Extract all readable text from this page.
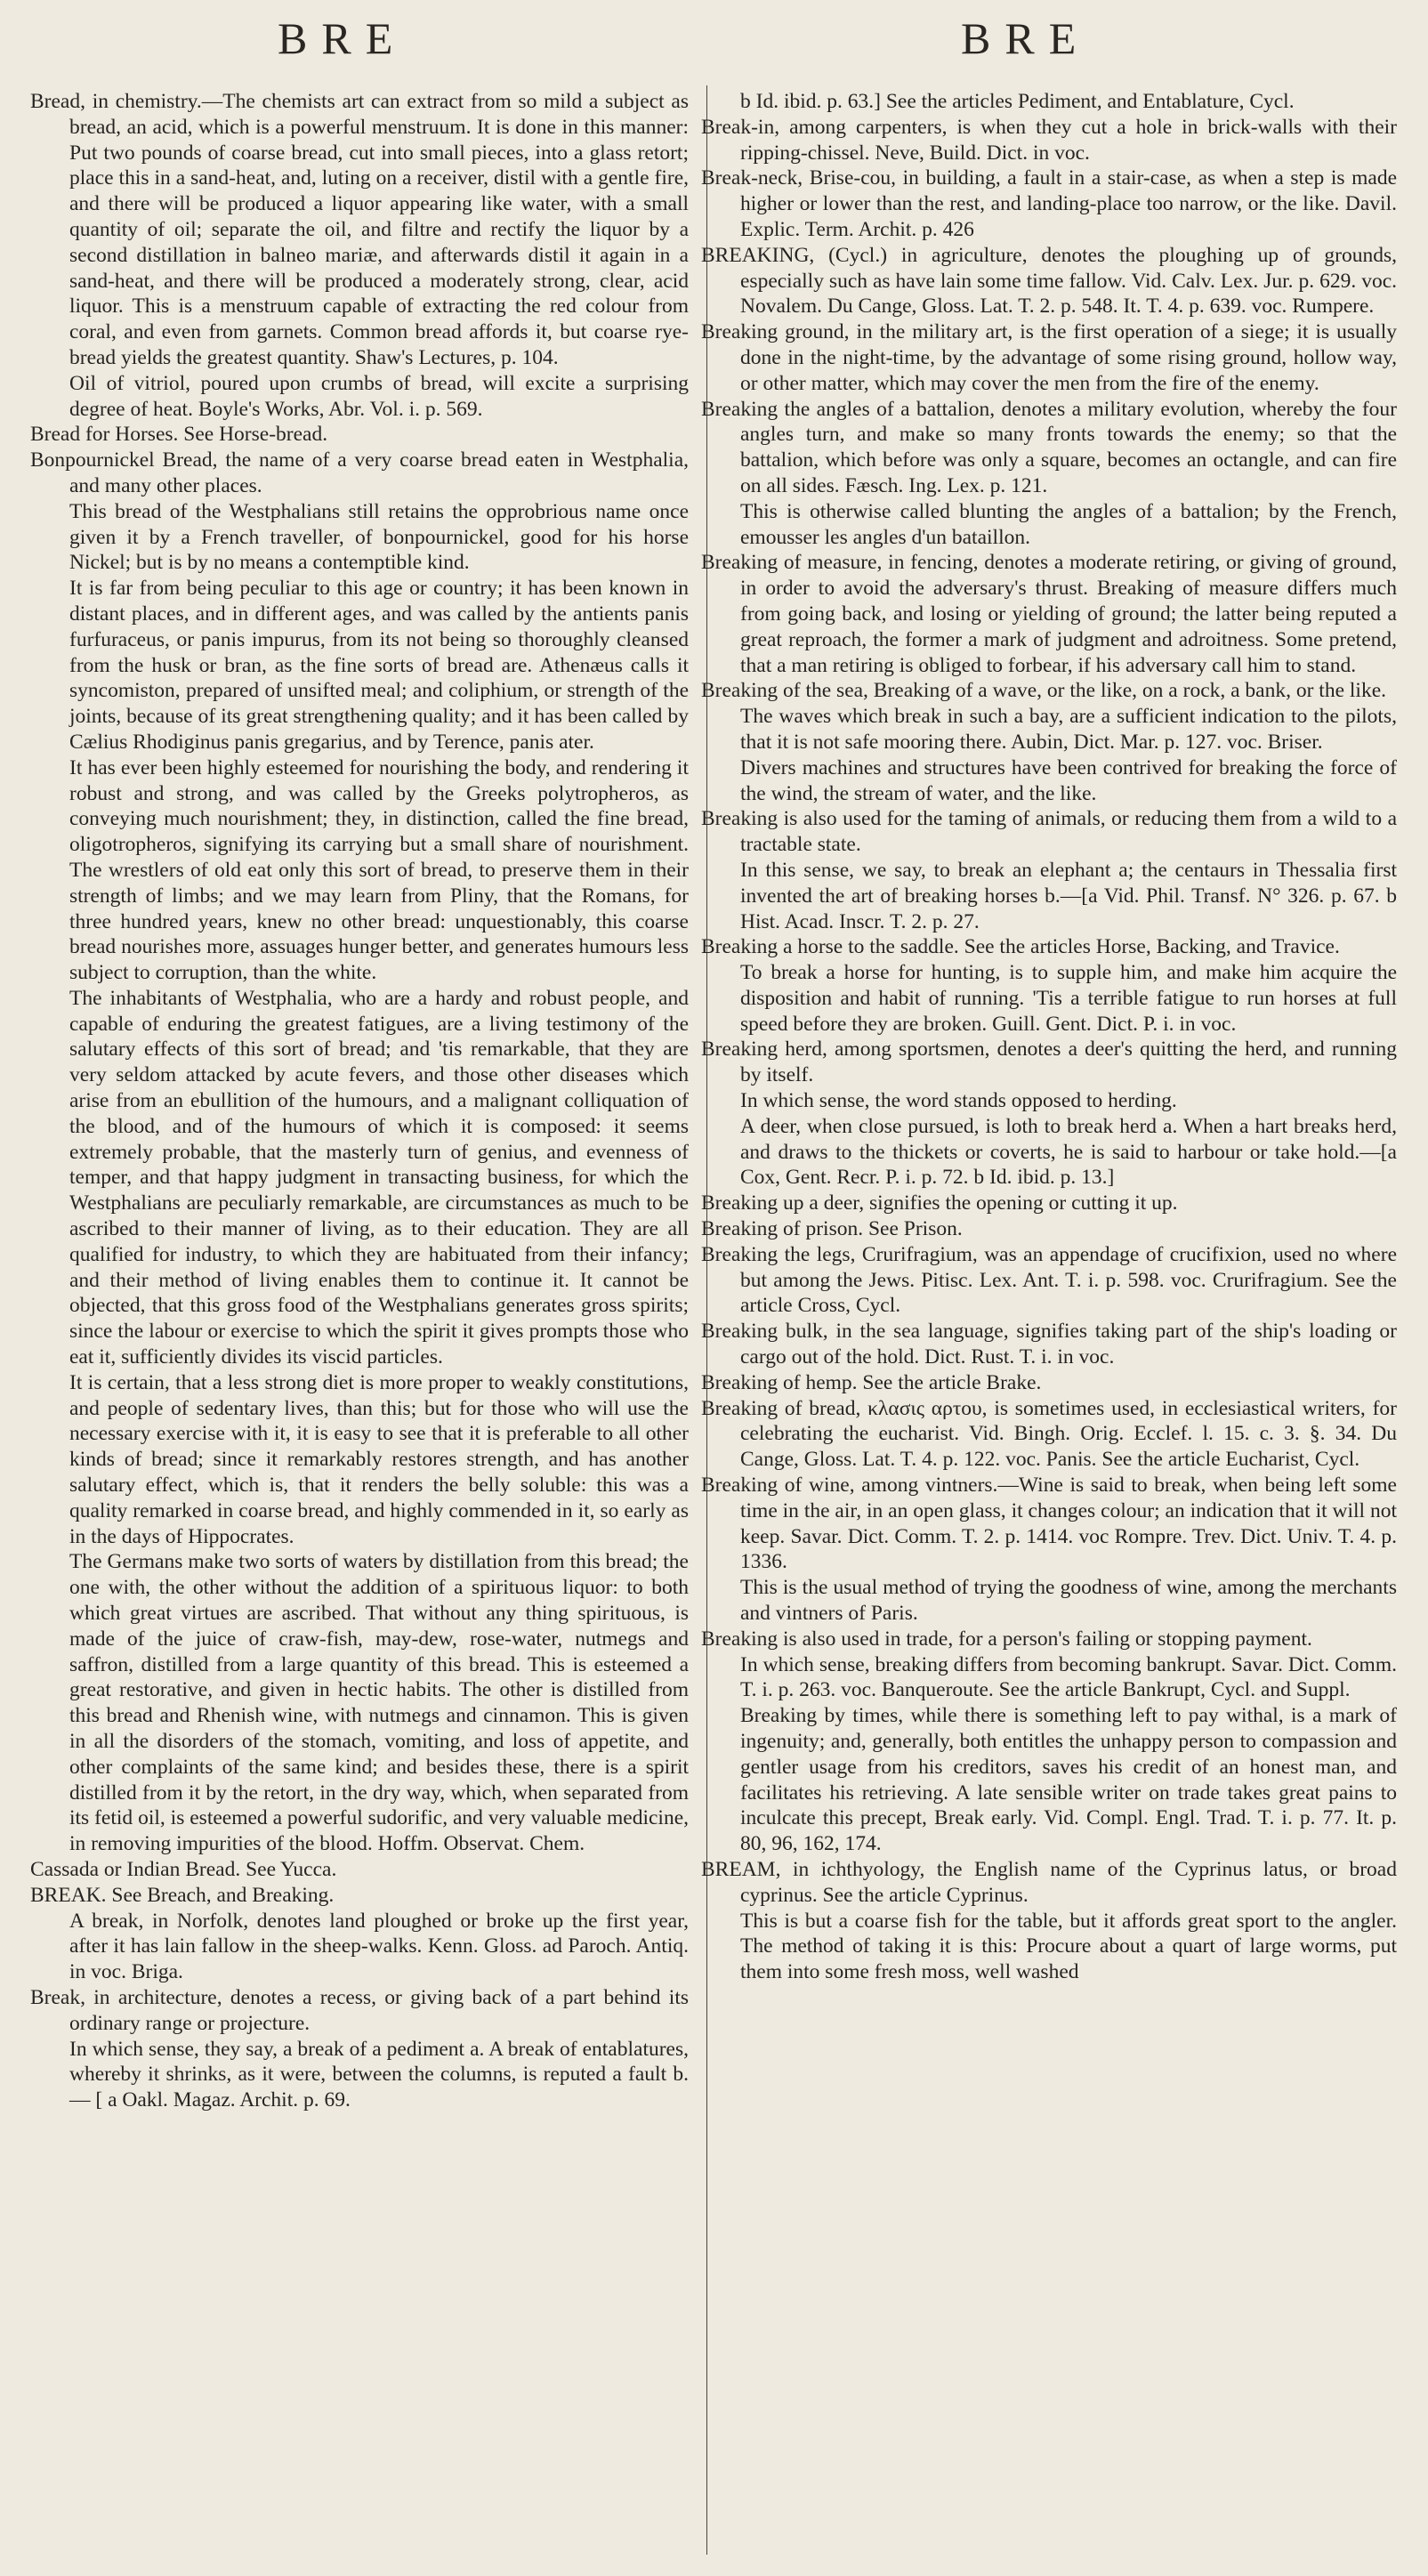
BRE	BRE

Bread, in chemistry.—The chemists art can extract from so mild a subject as bread, an acid, which is a powerful menstruum. It is done in this manner: Put two pounds of coarse bread, cut into small pieces, into a glass retort; place this in a sand-heat, and, luting on a receiver, distil with a gentle fire, and there will be produced a liquor appearing like water, with a small quantity of oil; separate the oil, and filtre and rectify the liquor by a second distillation in balneo mariæ, and afterwards distil it again in a sand-heat, and there will be produced a moderately strong, clear, acid liquor. This is a menstruum capable of extracting the red colour from coral, and even from garnets. Common bread affords it, but coarse rye-bread yields the greatest quantity. Shaw's Lectures, p. 104.

Oil of vitriol, poured upon crumbs of bread, will excite a surprising degree of heat. Boyle's Works, Abr. Vol. i. p. 569.

Bread for Horses. See Horse-bread.

Bonpournickel Bread, the name of a very coarse bread eaten in Westphalia, and many other places.

This bread of the Westphalians still retains the opprobrious name once given it by a French traveller, of bonpournickel, good for his horse Nickel; but is by no means a contemptible kind.

It is far from being peculiar to this age or country; it has been known in distant places, and in different ages, and was called by the antients panis furfuraceus, or panis impurus, from its not being so thoroughly cleansed from the husk or bran, as the fine sorts of bread are. Athenæus calls it syncomiston, prepared of unsifted meal; and coliphium, or strength of the joints, because of its great strengthening quality; and it has been called by Cælius Rhodiginus panis gregarius, and by Terence, panis ater.

It has ever been highly esteemed for nourishing the body, and rendering it robust and strong, and was called by the Greeks polytropheros, as conveying much nourishment; they, in distinction, called the fine bread, oligotropheros, signifying its carrying but a small share of nourishment. The wrestlers of old eat only this sort of bread, to preserve them in their strength of limbs; and we may learn from Pliny, that the Romans, for three hundred years, knew no other bread: unquestionably, this coarse bread nourishes more, assuages hunger better, and generates humours less subject to corruption, than the white.

The inhabitants of Westphalia, who are a hardy and robust people, and capable of enduring the greatest fatigues, are a living testimony of the salutary effects of this sort of bread; and 'tis remarkable, that they are very seldom attacked by acute fevers, and those other diseases which arise from an ebullition of the humours, and a malignant colliquation of the blood, and of the humours of which it is composed: it seems extremely probable, that the masterly turn of genius, and evenness of temper, and that happy judgment in transacting business, for which the Westphalians are peculiarly remarkable, are circumstances as much to be ascribed to their manner of living, as to their education. They are all qualified for industry, to which they are habituated from their infancy; and their method of living enables them to continue it. It cannot be objected, that this gross food of the Westphalians generates gross spirits; since the labour or exercise to which the spirit it gives prompts those who eat it, sufficiently divides its viscid particles.

It is certain, that a less strong diet is more proper to weakly constitutions, and people of sedentary lives, than this; but for those who will use the necessary exercise with it, it is easy to see that it is preferable to all other kinds of bread; since it remarkably restores strength, and has another salutary effect, which is, that it renders the belly soluble: this was a quality remarked in coarse bread, and highly commended in it, so early as in the days of Hippocrates.

The Germans make two sorts of waters by distillation from this bread; the one with, the other without the addition of a spirituous liquor: to both which great virtues are ascribed. That without any thing spirituous, is made of the juice of craw-fish, may-dew, rose-water, nutmegs and saffron, distilled from a large quantity of this bread. This is esteemed a great restorative, and given in hectic habits. The other is distilled from this bread and Rhenish wine, with nutmegs and cinnamon. This is given in all the disorders of the stomach, vomiting, and loss of appetite, and other complaints of the same kind; and besides these, there is a spirit distilled from it by the retort, in the dry way, which, when separated from its fetid oil, is esteemed a powerful sudorific, and very valuable medicine, in removing impurities of the blood. Hoffm. Observat. Chem.

Cassada or Indian Bread. See Yucca.

BREAK. See Breach, and Breaking.

A break, in Norfolk, denotes land ploughed or broke up the first year, after it has lain fallow in the sheep-walks. Kenn. Gloss. ad Paroch. Antiq. in voc. Briga.

Break, in architecture, denotes a recess, or giving back of a part behind its ordinary range or projecture.

In which sense, they say, a break of a pediment a. A break of entablatures, whereby it shrinks, as it were, between the columns, is reputed a fault b. — [ a Oakl. Magaz. Archit. p. 69.

b Id. ibid. p. 63.] See the articles Pediment, and Entablature, Cycl.

Break-in, among carpenters, is when they cut a hole in brick-walls with their ripping-chissel. Neve, Build. Dict. in voc.

Break-neck, Brise-cou, in building, a fault in a stair-case, as when a step is made higher or lower than the rest, and landing-place too narrow, or the like. Davil. Explic. Term. Archit. p. 426

BREAKING, (Cycl.) in agriculture, denotes the ploughing up of grounds, especially such as have lain some time fallow. Vid. Calv. Lex. Jur. p. 629. voc. Novalem. Du Cange, Gloss. Lat. T. 2. p. 548. It. T. 4. p. 639. voc. Rumpere.

Breaking ground, in the military art, is the first operation of a siege; it is usually done in the night-time, by the advantage of some rising ground, hollow way, or other matter, which may cover the men from the fire of the enemy.

Breaking the angles of a battalion, denotes a military evolution, whereby the four angles turn, and make so many fronts towards the enemy; so that the battalion, which before was only a square, becomes an octangle, and can fire on all sides. Fæsch. Ing. Lex. p. 121.

This is otherwise called blunting the angles of a battalion; by the French, emousser les angles d'un bataillon.

Breaking of measure, in fencing, denotes a moderate retiring, or giving of ground, in order to avoid the adversary's thrust. Breaking of measure differs much from going back, and losing or yielding of ground; the latter being reputed a great reproach, the former a mark of judgment and adroitness. Some pretend, that a man retiring is obliged to forbear, if his adversary call him to stand.

Breaking of the sea, Breaking of a wave, or the like, on a rock, a bank, or the like.

The waves which break in such a bay, are a sufficient indication to the pilots, that it is not safe mooring there. Aubin, Dict. Mar. p. 127. voc. Briser.

Divers machines and structures have been contrived for breaking the force of the wind, the stream of water, and the like.

Breaking is also used for the taming of animals, or reducing them from a wild to a tractable state.

In this sense, we say, to break an elephant a; the centaurs in Thessalia first invented the art of breaking horses b.—[a Vid. Phil. Transf. N° 326. p. 67. b Hist. Acad. Inscr. T. 2. p. 27.

Breaking a horse to the saddle. See the articles Horse, Backing, and Travice.

To break a horse for hunting, is to supple him, and make him acquire the disposition and habit of running. 'Tis a terrible fatigue to run horses at full speed before they are broken. Guill. Gent. Dict. P. i. in voc.

Breaking herd, among sportsmen, denotes a deer's quitting the herd, and running by itself.

In which sense, the word stands opposed to herding.

A deer, when close pursued, is loth to break herd a. When a hart breaks herd, and draws to the thickets or coverts, he is said to harbour or take hold.—[a Cox, Gent. Recr. P. i. p. 72. b Id. ibid. p. 13.]

Breaking up a deer, signifies the opening or cutting it up.

Breaking of prison. See Prison.

Breaking the legs, Crurifragium, was an appendage of crucifixion, used no where but among the Jews. Pitisc. Lex. Ant. T. i. p. 598. voc. Crurifragium. See the article Cross, Cycl.

Breaking bulk, in the sea language, signifies taking part of the ship's loading or cargo out of the hold. Dict. Rust. T. i. in voc.

Breaking of hemp. See the article Brake.

Breaking of bread, κλασις αρτου, is sometimes used, in ecclesiastical writers, for celebrating the eucharist. Vid. Bingh. Orig. Ecclef. l. 15. c. 3. §. 34. Du Cange, Gloss. Lat. T. 4. p. 122. voc. Panis. See the article Eucharist, Cycl.

Breaking of wine, among vintners.—Wine is said to break, when being left some time in the air, in an open glass, it changes colour; an indication that it will not keep. Savar. Dict. Comm. T. 2. p. 1414. voc Rompre. Trev. Dict. Univ. T. 4. p. 1336.

This is the usual method of trying the goodness of wine, among the merchants and vintners of Paris.

Breaking is also used in trade, for a person's failing or stopping payment.

In which sense, breaking differs from becoming bankrupt. Savar. Dict. Comm. T. i. p. 263. voc. Banqueroute. See the article Bankrupt, Cycl. and Suppl.

Breaking by times, while there is something left to pay withal, is a mark of ingenuity; and, generally, both entitles the unhappy person to compassion and gentler usage from his creditors, saves his credit of an honest man, and facilitates his retrieving. A late sensible writer on trade takes great pains to inculcate this precept, Break early. Vid. Compl. Engl. Trad. T. i. p. 77. It. p. 80, 96, 162, 174.

BREAM, in ichthyology, the English name of the Cyprinus latus, or broad cyprinus. See the article Cyprinus.

This is but a coarse fish for the table, but it affords great sport to the angler. The method of taking it is this: Procure about a quart of large worms, put them into some fresh moss, well washed
